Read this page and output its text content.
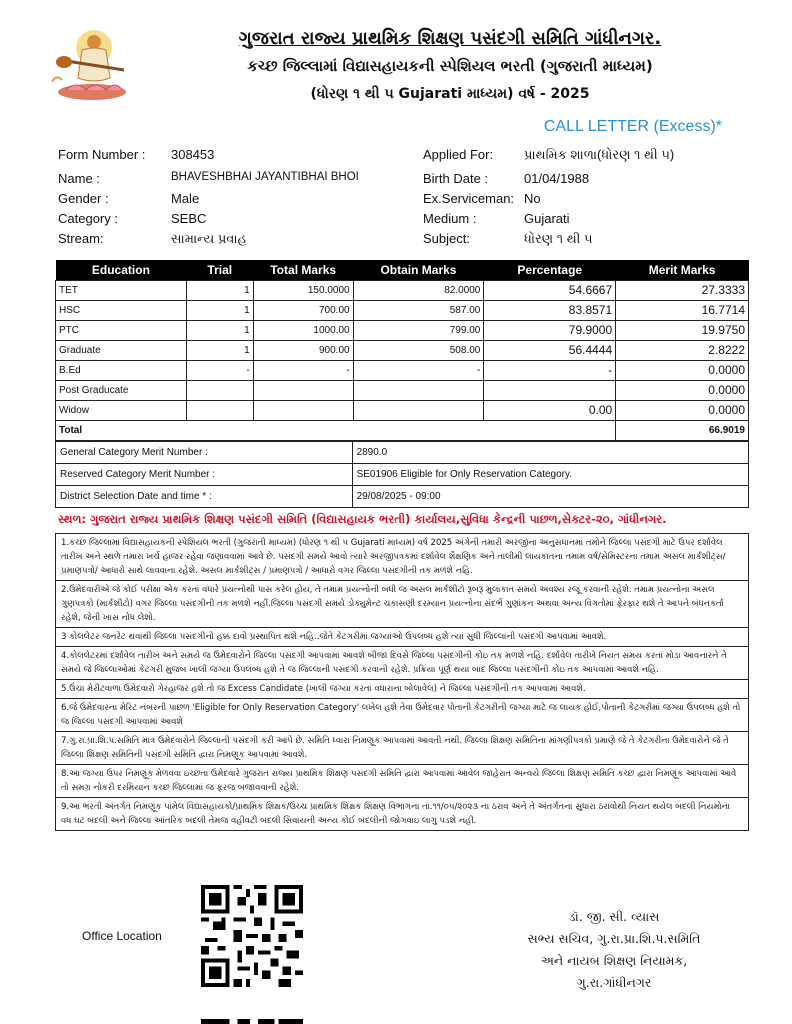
ગુજરાત રાજ્ય પ્રાથમિક શિક્ષણ પસંદગી સમિતિ ગાંધીનગર.
કચ્છ જિલ્લામાં વિદ્યાસહાયકની સ્પેશિયલ ભરતી (ગુજરાતી માધ્યમ)
(ધોરણ ૧ થી ૫ Gujarati માધ્યમ) વર્ષ - 2025
CALL LETTER (Excess)*
Form Number : 308453
Name :	BHAVESHBHAI JAYANTIBHAI BHOI
Gender :	Male
Category :	SEBC
Stream:	સામાન્ય પ્રવાહ
Applied For: પ્રાથમિક શાળા(ધોરણ ૧ થી ૫)
Birth Date :	01/04/1988
Ex.Serviceman: No
Medium :	Gujarati
Subject:	ધોરણ ૧ થી ૫
Education	Trial	Total Marks	Obtain Marks	Percentage	Merit Marks
TET	1	150.0000	82.0000	54.6667	27.3333
HSC	1	700.00	587.00	83.8571	16.7714
PTC	1	1000.00	799.00	79.9000	19.9750
Graduate	1	900.00	508.00	56.4444	2.8222
B.Ed	-	-	-	-	0.0000
Post Graducate					0.0000
Widow				0.00	0.0000
Total					66.9019
General Category Merit Number :	2890.0
Reserved Category Merit Number :	SE01906 Eligible for Only Reservation Category.
District Selection Date and time * :	29/08/2025 - 09:00
સ્થળ: ગુજરાત રાજ્ય પ્રાથમિક શિક્ષણ પસંદગી સમિતિ (વિદ્યાસહાયક ભરતી) કાર્યાલય,સુવિધા કેન્દ્રની પાછળ,સેક્ટર-૨૦, ગાંધીનગર.
1.કચ્છ જિલ્લામાં વિદ્યાસહાયકની સ્પેશિયલ ભરતી (ગુજરાતી માધ્યમ) (ધોરણ ૧ થી ૫ Gujarati માધ્યમ) વર્ષ 2025 અંગેની તમારી અરજીના અનુસંધાનમાં તમોને જિલ્લા પસંદગી માટે ઉપર દર્શાવેલ તારીખ અને સ્થળે તમારા ખર્ચે હાજર રહેવા જણાવવામાં આવે છે. પસંદગી સમયે આવો ત્યારે અરજીપત્રકમાં દર્શાવેલ શૈક્ષણિક અને તાલીમી લાયકાતના તમામ વર્ષ/સેમિસ્ટરના તમામ અસલ માર્કશીટ્સ/પ્રમાણપત્રો/ આધારો સાથે લાવવાના રહેશે. અસલ માર્કશીટ્સ / પ્રમાણપત્રો / આધારો વગર જિલ્લા પસંદગીની તક મળશે નહિ.
2.ઉમેદવારીએ જે કોઈ પરીક્ષા એક કરતાં વધારે પ્રયત્નોથી પાસ કરેલ હોય, તે તમામ પ્રયત્નોની બધી જ અસલ માર્કશીટો રૂબરૂ મુલાકાત સમયે અવશ્ય રજૂ કરવાની રહેશે. તમામ પ્રયત્નોના અસલ ગુણપત્રકો (માર્કશીટો) વગર જિલ્લા પસંદગીની તક મળશે નહીં.જિલ્લા પસંદગી સમયે ડોક્યુમેન્ટ ચકાસણી દરમ્યાન પ્રયત્નોના સંદર્ભે ગુણાંકન અથવા અન્ય વિગતોમાં ફેરફાર થશે તે આપને બંધનકર્તા રહેશે, જેની ખાસ નોંધ લેશો.
3 કોલલેટર જનરેટ થવાથી જિલ્લા પસંદગીનો હક્ક દાવો પ્રસ્થાપિત થશે નહિ..જેતે કેટગરીમાં જગ્યાઓ ઉપલબ્ધ હશે ત્યાં સુધી જિલ્લાની પસંદગી આપવામાં આવશે.
4.કોલલેટરમાં દર્શાવેલ તારીખ અને સમયે જ ઉમેદવારોને જિલ્લા પસંદગી આપવામાં આવશે બીજા દિવસે જિલ્લા પસંદગીની કોઇ તક મળશે નહિ. દર્શાવેલ તારીખે નિયત સમય કરતાં મોડા આવનારને તે સમયે જે જિલ્લાઓમાં કેટગરી મુજબ ખાલી જગ્યા ઉપલબ્ધ હશે તે જ જિલ્લાની પસંદગી કરવાની રહેશે. પ્રક્રિયા પૂર્ણ થયા બાદ જિલ્લા પસંદગીની કોઇ તક આપવામાં આવશે નહિ.
5.ઉંચા મેરીટવાળા ઉમેદવારો ગેરહાજર હશે તો જ Excess Candidate (ખાલી જગ્યા કરતાં વધારાના બોલાવેલ) ને જિલ્લા પસંદગીની તક આપવામાં આવશે.
6.જે ઉમેદવારના મેરિટ નંબરની પાછળ 'Eligible for Only Reservation Category' લખેલ હશે તેવા ઉમેદવાર પોતાની કેટગરીની જગ્યા માટે જ લાયક હોઈ,પોતાની કેટગરીમાં જગ્યા ઉપલબ્ધ હશે તો જ જિલ્લા પસંદગી આપવામાં આવશે
7.ગુ.રા.પ્રા.શિ.પ.સમિતિ માત્ર ઉમેદવારોને જિલ્લાની પસંદગી કરી આપે છે. સમિતિ ધ્વારા નિમણૂક આપવામાં આવતી નથી. જિલ્લા શિક્ષણ સમિતિના માંગણીપત્રકો પ્રમાણે જે તે કેટગરીના ઉમેદવારોને જે તે જિલ્લા શિક્ષણ સમિતિની પસંદગી સમિતિ દ્વારા નિમણૂક આપવામાં આવશે.
8.આ જગ્યા ઉપર નિમણૂંક મેળવવા ઇચ્છતા ઉમેદવારે ગુજરાત રાજ્ય પ્રાથમિક શિક્ષણ પસંદગી સમિતિ દ્વારા આપવામાં આવેલ જાહેરાત અન્વયે જિલ્લા શિક્ષણ સમિતિ કચ્છ દ્વારા નિમણૂંક આપવામાં આવે તો સમગ્ર નોકરી દરમિયાન કચ્છ જિલ્લામાં જ ફરજ બજાવવાની રહેશે.
9.આ ભરતી અંતર્ગત નિમણૂંક પામેલ વિદ્યાસહાયકો/પ્રાથમિક શિક્ષક/ઉચ્ચ પ્રાથમિક શિક્ષક શિક્ષણ વિભાગના તા.૧૧/૦૫/૨૦૨૩ ના ઠરાવ અને તે અંતર્ગતના સુધારા ઠરાવોથી નિયત થયેલ બદલી નિયમોના વધ ઘટ બદલી અને જિલ્લા આંતરિક બદલી તેમજ વહીવટી બદલી સિવાયની અન્ય કોઈ બદલીની જોગવાઇ લાગુ પડશે નહી.
Office Location
ડૉ. જી. સી. વ્યાસ
સભ્ય સચિવ, ગુ.રા.પ્રા.શિ.પ.સમિતિ
અને નાયબ શિક્ષણ નિયામક,
ગુ.રા.ગાંધીનગર
